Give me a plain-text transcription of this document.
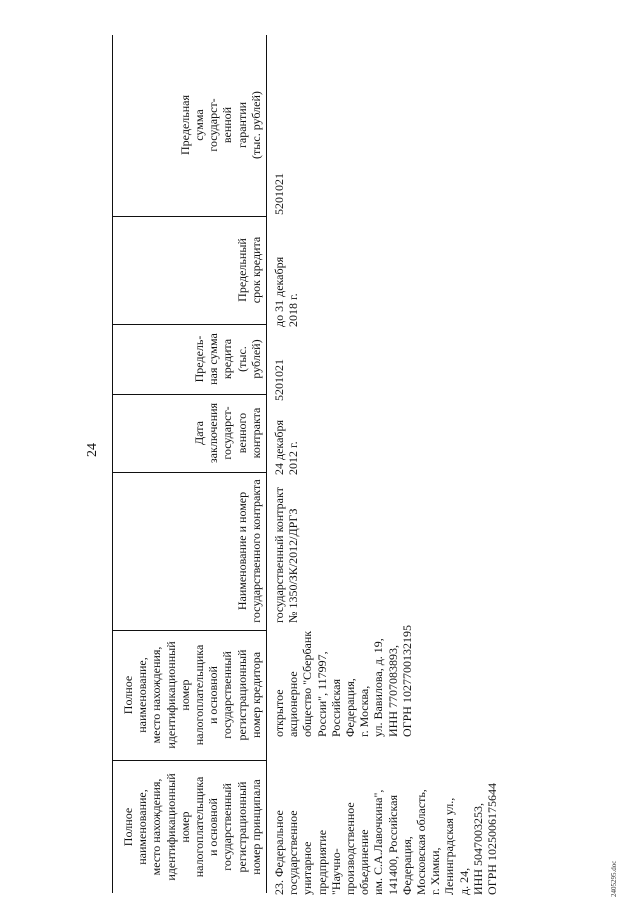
24
Полное наименование, место нахождения, идентификационный номер налогоплательщика и основной государственный регистрационный номер принципала
Полное наименование, место нахождения, идентификационный номер налогоплательщика и основной государственный регистрационный номер кредитора
Наименование и номер государственного контракта
Дата заключения государст- венного контракта
Предель- ная сумма кредита (тыс. рублей)
Предельный срок кредита
Предельная сумма государст- венной гарантии (тыс. рублей)
23. Федеральное государственное унитарное предприятие "Научно- производственное объединение им. С.А.Лавочкина", 141400, Российская Федерация, Московская область, г. Химки, Ленинградская ул., д. 24, ИНН 5047003253, ОГРН 1025006175644
открытое акционерное общество "Сбербанк России", 117997, Российская Федерация, г. Москва, ул. Вавилова, д. 19, ИНН 7707083893, ОГРН 1027700132195
государственный контракт № 1350/ЗК/2012/ДРГЗ
24 декабря 2012 г.
5201021
до 31 декабря 2018 г.
5201021
2405295.doc
